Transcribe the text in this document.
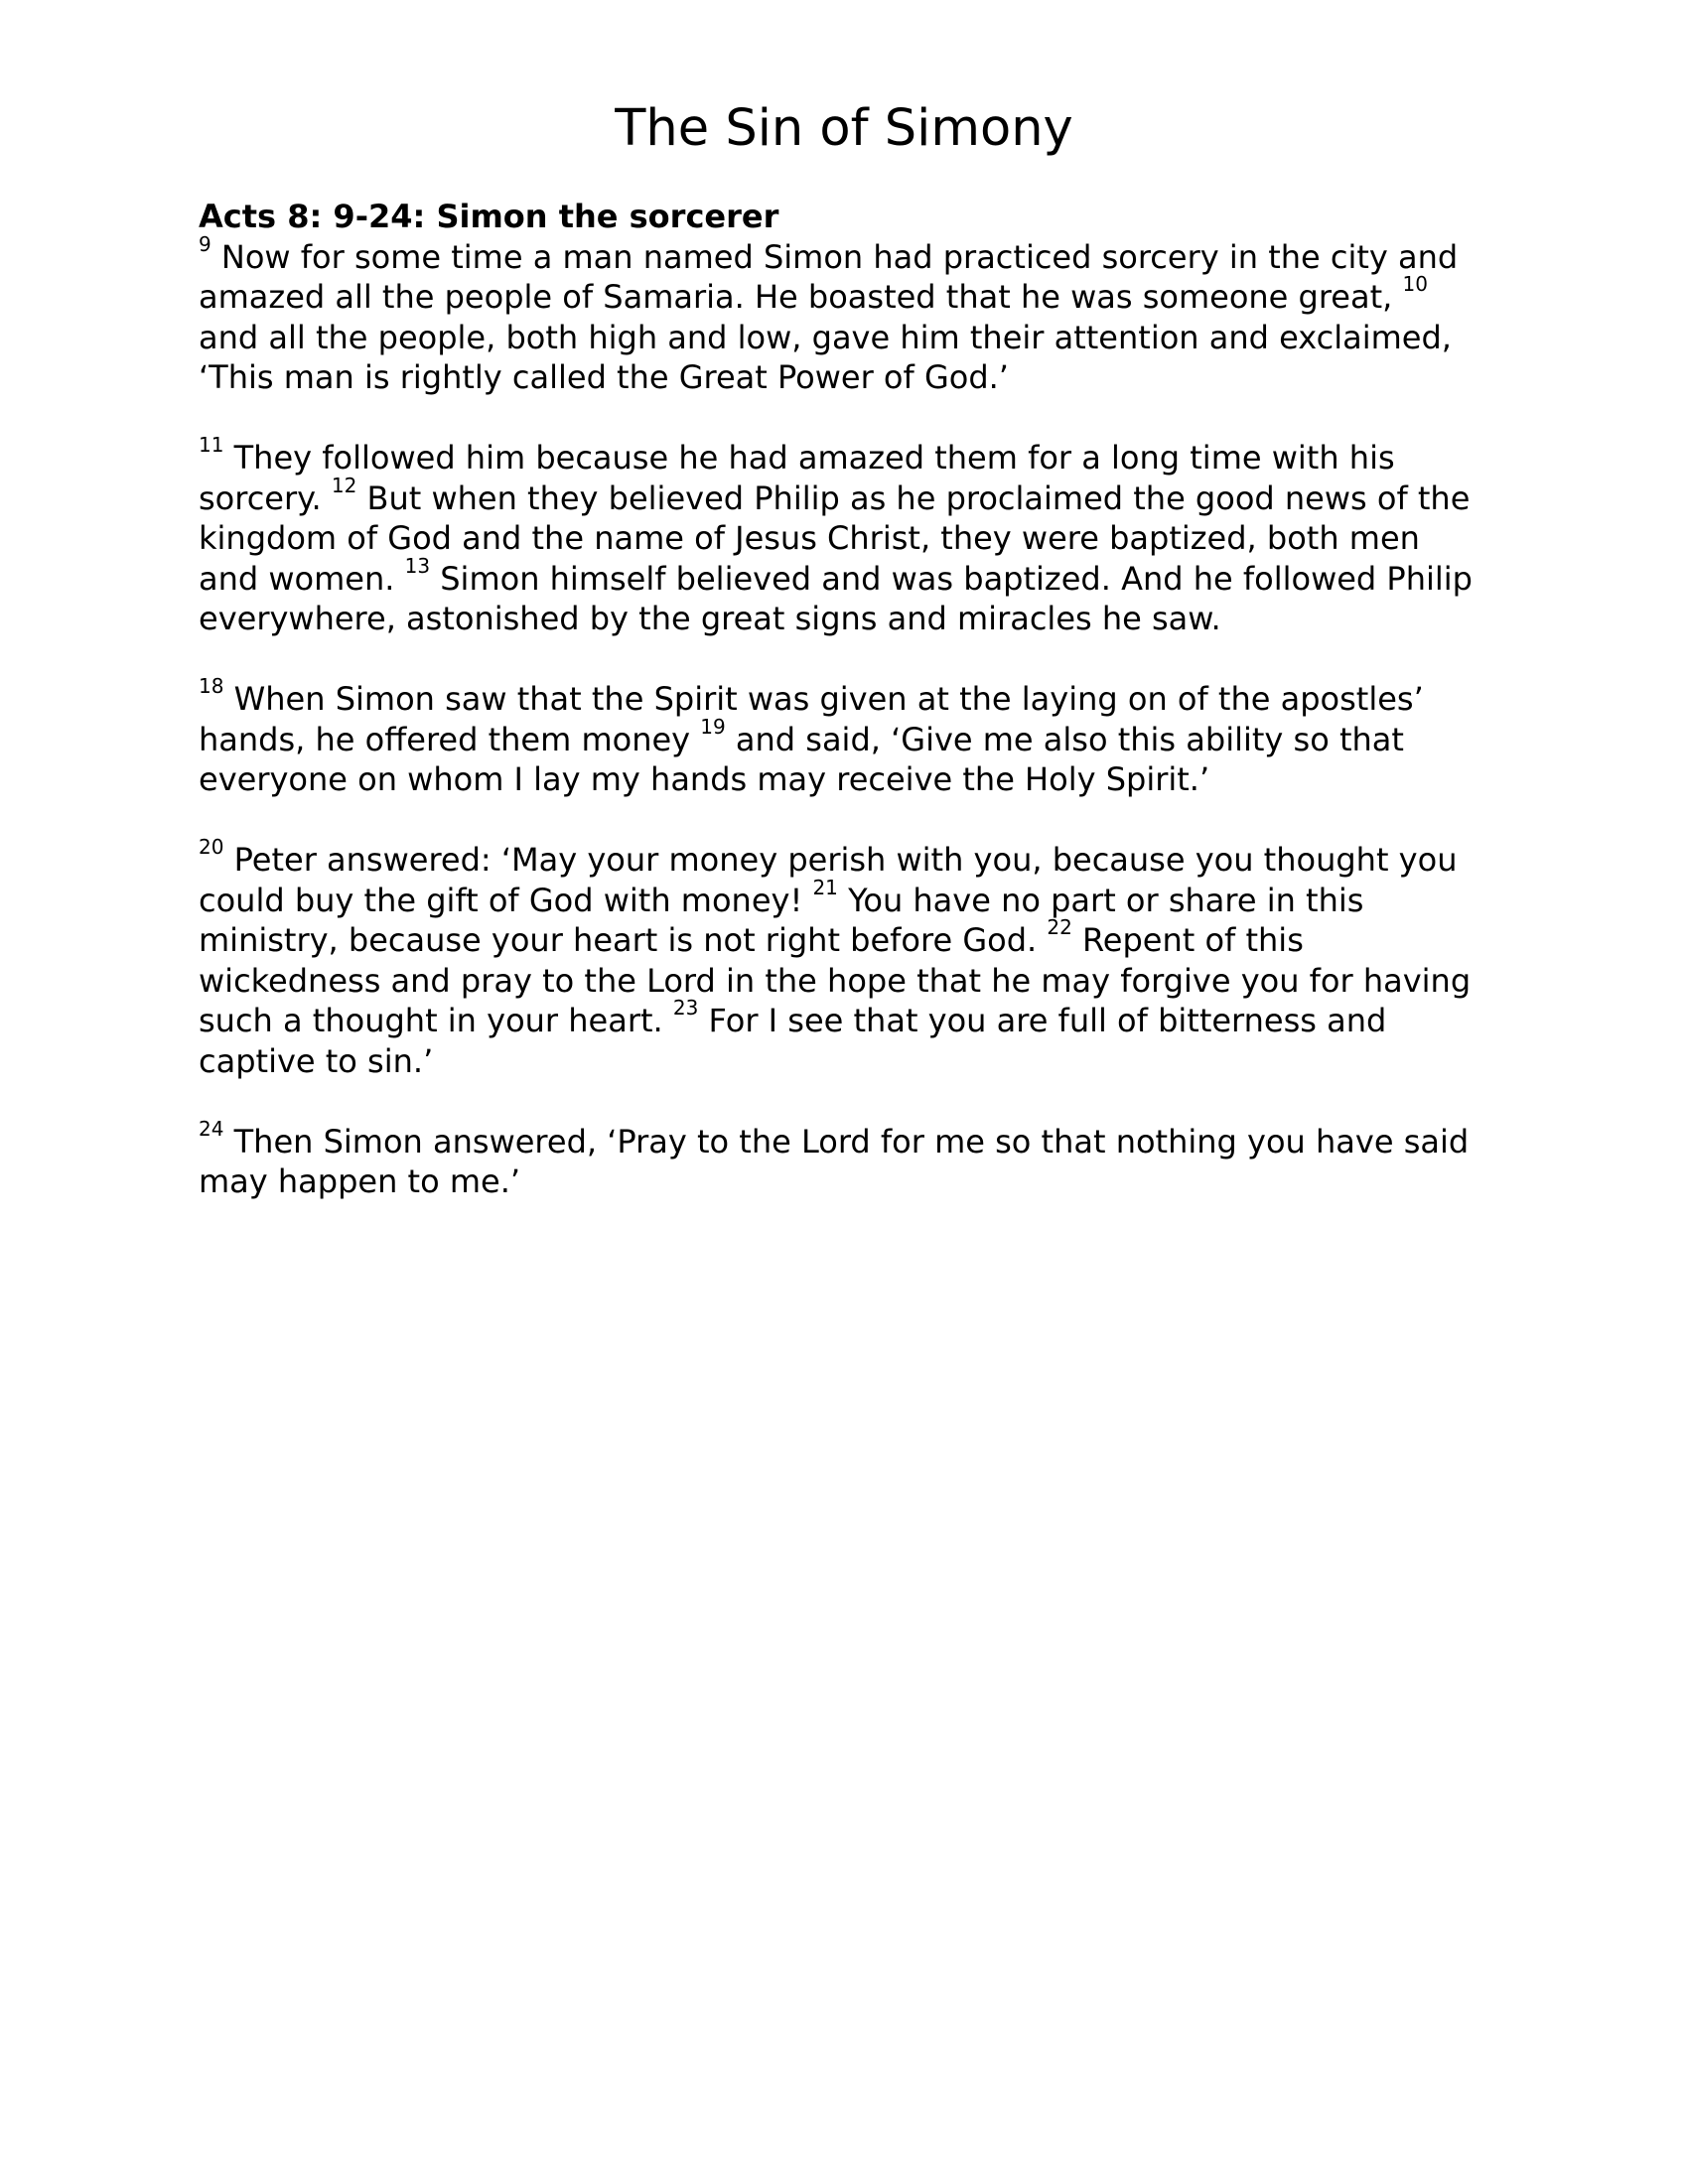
The Sin of Simony

Acts 8: 9-24: Simon the sorcerer

$^9$ Now for some time a man named Simon had practiced sorcery in the city and amazed all the people of Samaria. He boasted that he was someone great, $^{10}$ and all the people, both high and low, gave him their attention and exclaimed, ‘This man is rightly called the Great Power of God.’

$^{11}$ They followed him because he had amazed them for a long time with his sorcery. $^{12}$ But when they believed Philip as he proclaimed the good news of the kingdom of God and the name of Jesus Christ, they were baptized, both men and women. $^{13}$ Simon himself believed and was baptized. And he followed Philip everywhere, astonished by the great signs and miracles he saw.

$^{18}$ When Simon saw that the Spirit was given at the laying on of the apostles’ hands, he offered them money $^{19}$ and said, ‘Give me also this ability so that everyone on whom I lay my hands may receive the Holy Spirit.’

$^{20}$ Peter answered: ‘May your money perish with you, because you thought you could buy the gift of God with money! $^{21}$ You have no part or share in this ministry, because your heart is not right before God. $^{22}$ Repent of this wickedness and pray to the Lord in the hope that he may forgive you for having such a thought in your heart. $^{23}$ For I see that you are full of bitterness and captive to sin.’

$^{24}$ Then Simon answered, ‘Pray to the Lord for me so that nothing you have said may happen to me.’
